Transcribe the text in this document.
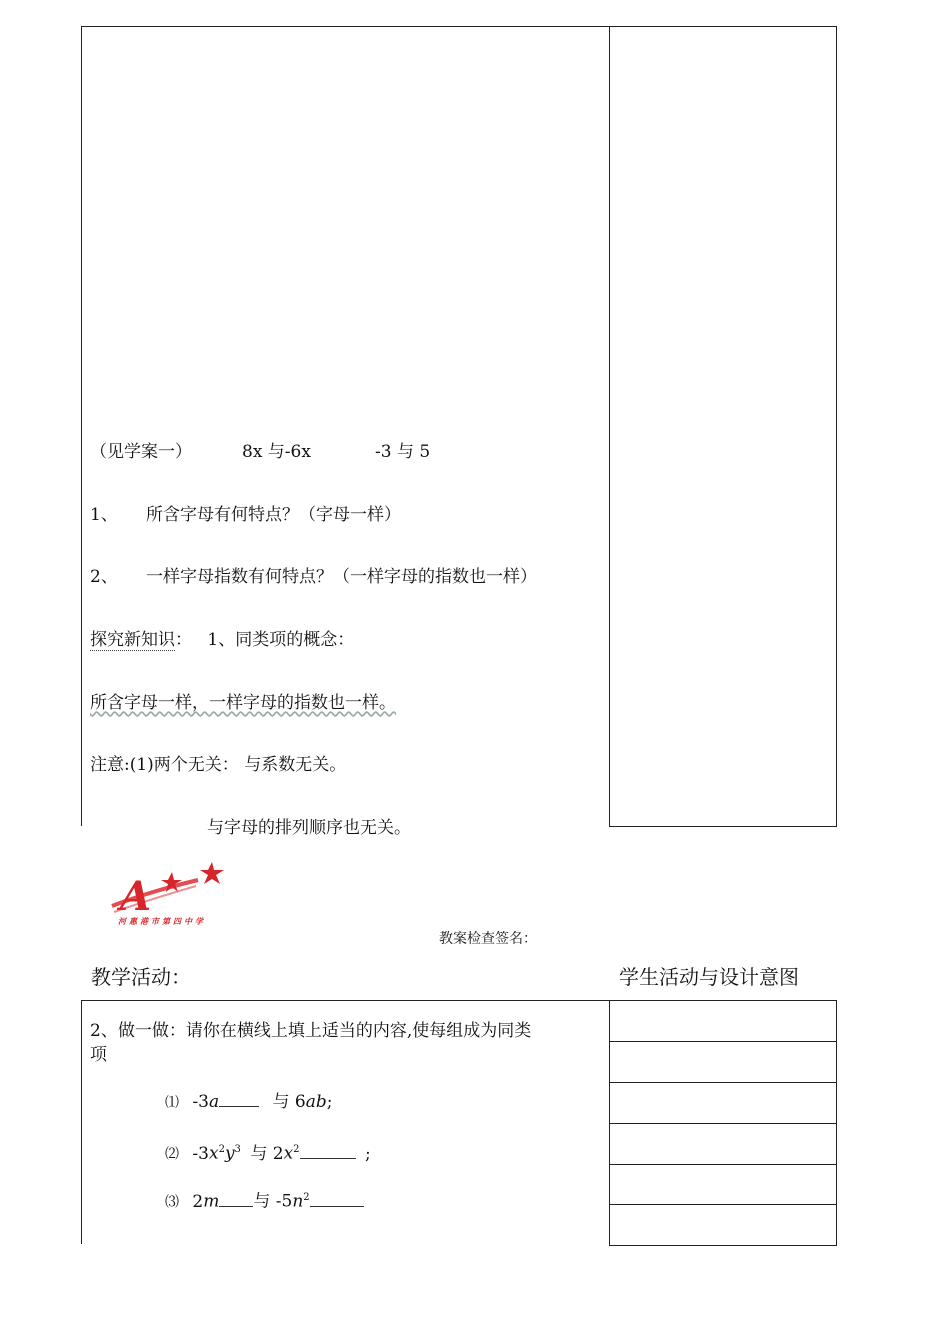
（见学案一）	8x 与-6x	-3 与 5
1、 所含字母有何特点？（字母一样）
2、 一样字母指数有何特点？（一样字母的指数也一样）
探究新知识： 1、同类项的概念：
所含字母一样，一样字母的指数也一样。
注意:(1)两个无关： 与系数无关。
与字母的排列顺序也无关。
A
河惠港市第四中学
教案检查签名：
教学活动：	学生活动与设计意图
2、做一做：请你在横线上填上适当的内容,使每组成为同类
项
⑴ -3a	与 6ab;
⑵ $-3x^2y^3$ 与 $2x^2$	;
⑶ 2m 与 $-5n^2$
